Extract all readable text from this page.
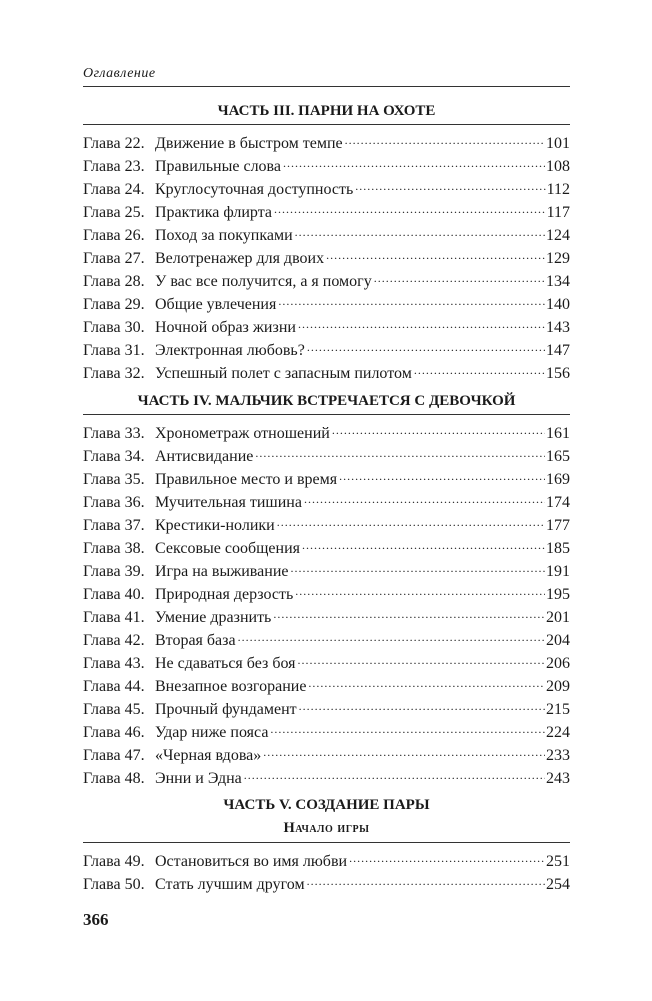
Оглавление
ЧАСТЬ III. ПАРНИ НА ОХОТЕ
Глава 22. Движение в быстром темпе .....	101
Глава 23. Правильные слова .....	108
Глава 24. Круглосуточная доступность .....	112
Глава 25. Практика флирта .....	117
Глава 26. Поход за покупками .....	124
Глава 27. Велотренажер для двоих .....	129
Глава 28. У вас все получится, а я помогу .....	134
Глава 29. Общие увлечения .....	140
Глава 30. Ночной образ жизни .....	143
Глава 31. Электронная любовь? .....	147
Глава 32. Успешный полет с запасным пилотом .....	156
ЧАСТЬ IV. МАЛЬЧИК ВСТРЕЧАЕТСЯ С ДЕВОЧКОЙ
Глава 33. Хронометраж отношений .....	161
Глава 34. Антисвидание .....	165
Глава 35. Правильное место и время .....	169
Глава 36. Мучительная тишина .....	174
Глава 37. Крестики-нолики .....	177
Глава 38. Сексовые сообщения .....	185
Глава 39. Игра на выживание .....	191
Глава 40. Природная дерзость .....	195
Глава 41. Умение дразнить .....	201
Глава 42. Вторая база .....	204
Глава 43. Не сдаваться без боя .....	206
Глава 44. Внезапное возгорание .....	209
Глава 45. Прочный фундамент .....	215
Глава 46. Удар ниже пояса .....	224
Глава 47. «Черная вдова» .....	233
Глава 48. Энни и Эдна .....	243
ЧАСТЬ V. СОЗДАНИЕ ПАРЫ
Начало игры
Глава 49. Остановиться во имя любви .....	251
Глава 50. Стать лучшим другом .....	254
366
